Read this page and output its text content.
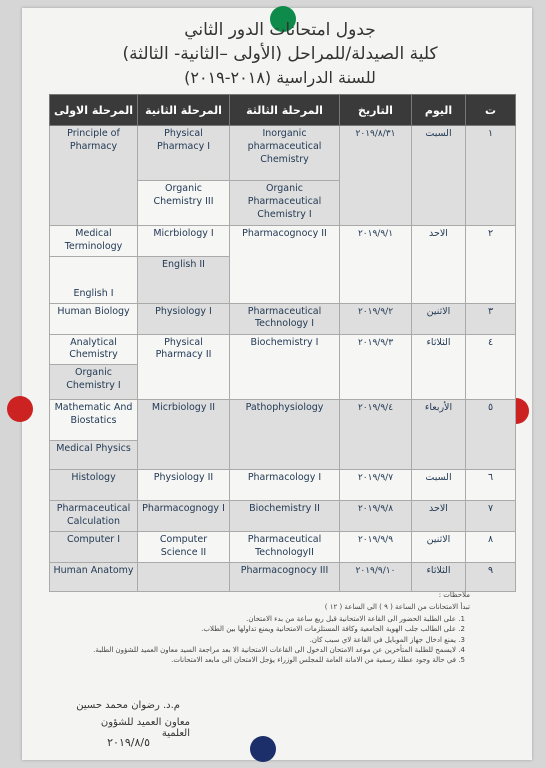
جدول امتحانات الدور الثاني
كلية الصيدلة/للمراحل (الأولى –الثانية- الثالثة)
للسنة الدراسية (٢٠١٨-٢٠١٩)
ت	اليوم	التاريخ	المرحلة الثالثة	المرحلة الثانية	المرحلة الاولى
١	السبت	٢٠١٩/٨/٣١	Inorganic pharmaceutical Chemistry	Physical Pharmacy I	Principle of Pharmacy
			Organic Pharmaceutical Chemistry I	Organic Chemistry III	
٢	الاحد	٢٠١٩/٩/١	Pharmacognocy II	Micrbiology I	Medical Terminology
				English II	English I
٣	الاثنين	٢٠١٩/٩/٢	Pharmaceutical Technology I	Physiology I	Human Biology
٤	الثلاثاء	٢٠١٩/٩/٣	Biochemistry I	Physical Pharmacy II	Analytical Chemistry
					Organic Chemistry I
٥	الأربعاء	٢٠١٩/٩/٤	Pathophysiology	Micrbiology II	Mathematic And Biostatics
					Medical Physics
٦	السبت	٢٠١٩/٩/٧	Pharmacology I	Physiology II	Histology
٧	الاحد	٢٠١٩/٩/٨	Biochemistry II	Pharmacognogy I	Pharmaceutical Calculation
٨	الاثنين	٢٠١٩/٩/٩	Pharmaceutical TechnologyII	Computer Science II	Computer I
٩	الثلاثاء	٢٠١٩/٩/١٠	Pharmacognocy III		Human Anatomy
ملاحظات :
تبدأ الامتحانات من الساعة ( ٩ ) الى الساعة ( ١٢ )
1. على الطلبة الحضور الى القاعة الامتحانية قبل ربع ساعة من بدء الامتحان.
2. على الطالب جلب الهوية الجامعية وكافة المستلزمات الامتحانية ويمنع تداولها بين الطلاب.
3. يمنع ادخال جهاز الموبايل في القاعة لاي سبب كان.
4. لايسمح للطلبة المتأخرين عن موعد الامتحان الدخول الى القاعات الامتحانية الا بعد مراجعة السيد معاون العميد للشؤون الطلبة.
5. في حالة وجود عطلة رسمية من الامانة العامة للمجلس الوزراء يؤجل الامتحان الى مابعد الامتحانات.
م.د. رضوان محمد حسين
معاون العميد للشؤون العلمية
٢٠١٩/٨/٥
